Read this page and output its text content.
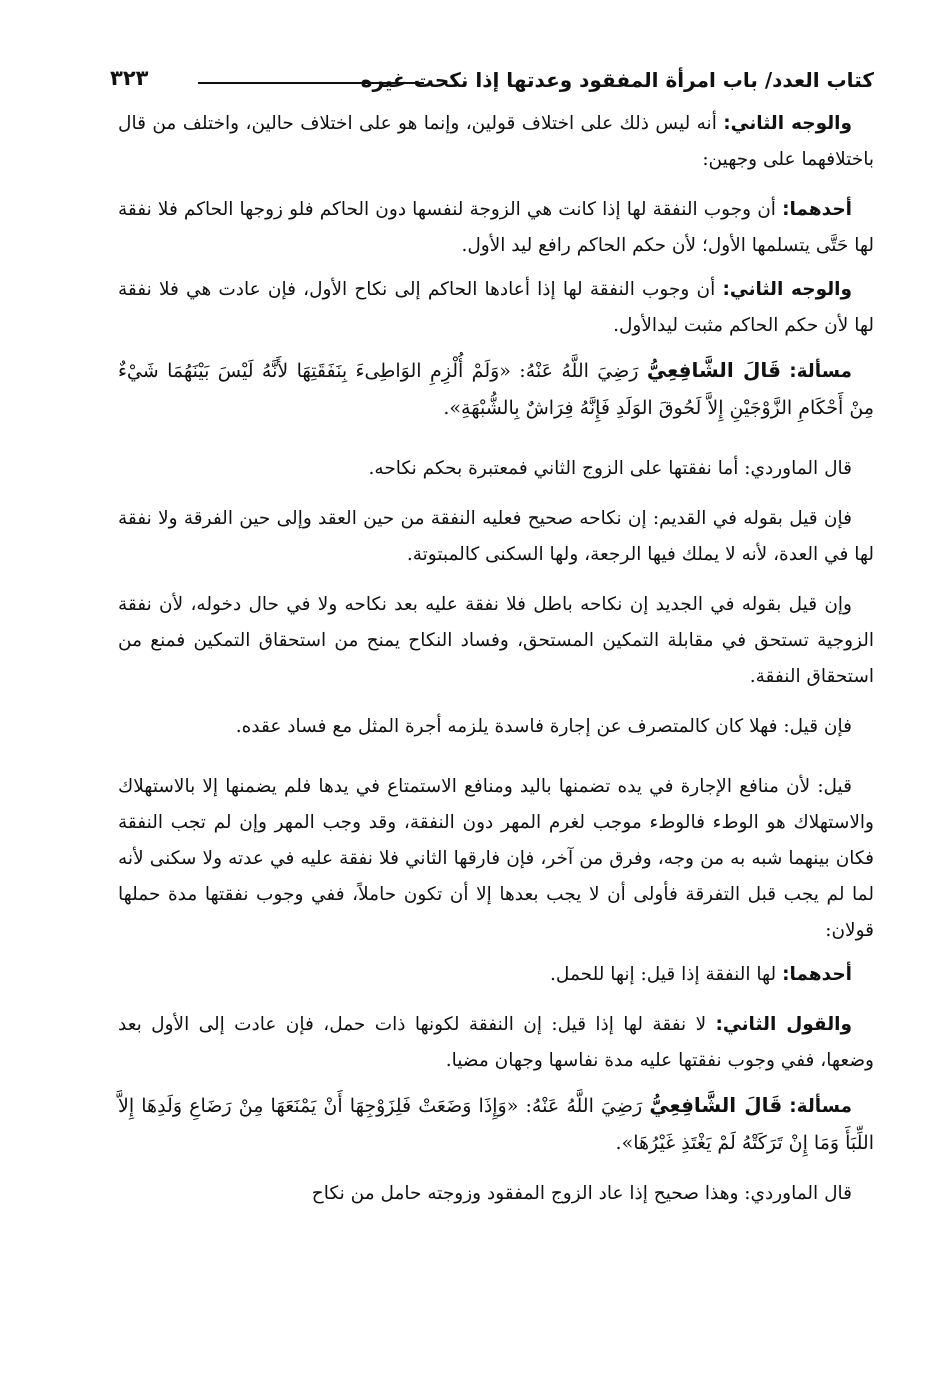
كتاب العدد/ باب امرأة المفقود وعدتها إذا نكحت غيره
٣٢٣

والوجه الثاني: أنه ليس ذلك على اختلاف قولين، وإنما هو على اختلاف حالين، واختلف من قال باختلافهما على وجهين:

أحدهما: أن وجوب النفقة لها إذا كانت هي الزوجة لنفسها دون الحاكم فلو زوجها الحاكم فلا نفقة لها حَتَّى يتسلمها الأول؛ لأن حكم الحاكم رافع ليد الأول.

والوجه الثاني: أن وجوب النفقة لها إذا أعادها الحاكم إلى نكاح الأول، فإن عادت هي فلا نفقة لها لأن حكم الحاكم مثبت ليدالأول.

مسألة: قَالَ الشَّافِعِيُّ رَضِيَ اللَّهُ عَنْهُ: «وَلَمْ أُلْزِمِ الوَاطِىءَ بِنَفَقَتِهَا لأَنَّهُ لَيْسَ بَيْنَهُمَا شَيْءٌ مِنْ أَحْكَامِ الزَّوْجَيْنِ إِلاَّ لَحُوقَ الوَلَدِ فَإِنَّهُ فِرَاشٌ بِالشُّبْهَةِ».

قال الماوردي: أما نفقتها على الزوج الثاني فمعتبرة بحكم نكاحه.

فإن قيل بقوله في القديم: إن نكاحه صحيح فعليه النفقة من حين العقد وإلى حين الفرقة ولا نفقة لها في العدة، لأنه لا يملك فيها الرجعة، ولها السكنى كالمبتوتة.

وإن قيل بقوله في الجديد إن نكاحه باطل فلا نفقة عليه بعد نكاحه ولا في حال دخوله، لأن نفقة الزوجية تستحق في مقابلة التمكين المستحق، وفساد النكاح يمنح من استحقاق التمكين فمنع من استحقاق النفقة.

فإن قيل: فهلا كان كالمتصرف عن إجارة فاسدة يلزمه أجرة المثل مع فساد عقده.

قيل: لأن منافع الإجارة في يده تضمنها باليد ومنافع الاستمتاع في يدها فلم يضمنها إلا بالاستهلاك والاستهلاك هو الوطء فالوطء موجب لغرم المهر دون النفقة، وقد وجب المهر وإن لم تجب النفقة فكان بينهما شبه به من وجه، وفرق من آخر، فإن فارقها الثاني فلا نفقة عليه في عدته ولا سكنى لأنه لما لم يجب قبل التفرقة فأولى أن لا يجب بعدها إلا أن تكون حاملاً، ففي وجوب نفقتها مدة حملها قولان:

أحدهما: لها النفقة إذا قيل: إنها للحمل.

والقول الثاني: لا نفقة لها إذا قيل: إن النفقة لكونها ذات حمل، فإن عادت إلى الأول بعد وضعها، ففي وجوب نفقتها عليه مدة نفاسها وجهان مضيا.

مسألة: قَالَ الشَّافِعِيُّ رَضِيَ اللَّهُ عَنْهُ: «وَإِذَا وَضَعَتْ فَلِزَوْجِهَا أَنْ يَمْنَعَهَا مِنْ رَضَاعِ وَلَدِهَا إِلاَّ اللِّبَأَ وَمَا إِنْ تَرَكَتْهُ لَمْ يَغْتَذِ غَيْرُهَا».

قال الماوردي: وهذا صحيح إذا عاد الزوج المفقود وزوجته حامل من نكاح
